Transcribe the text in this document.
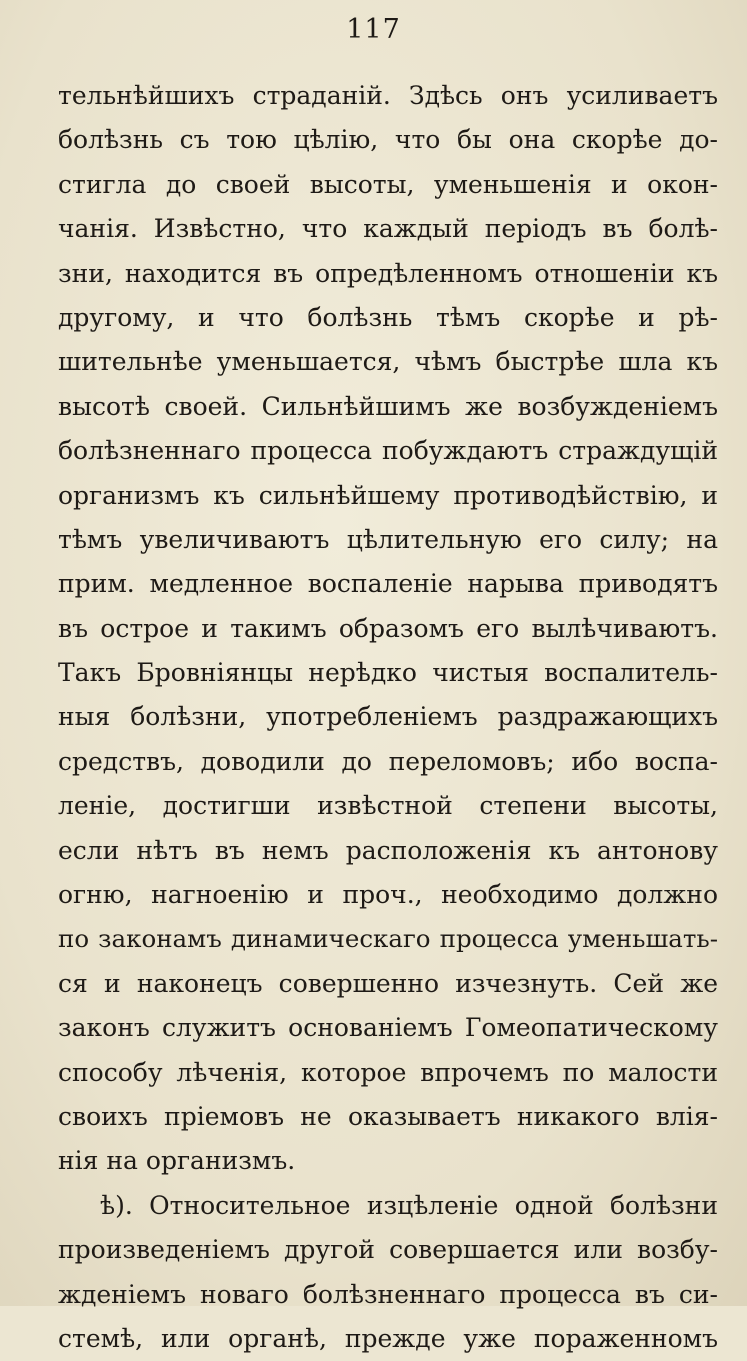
117
тельнѣйшихъ страданій. Здѣсь онъ усиливаетъ
болѣзнь съ тою цѣлію, что бы она скорѣе до-
стигла до своей высоты, уменьшенія и окон-
чанія. Извѣстно, что каждый періодъ въ болѣ-
зни, находится въ опредѣленномъ отношеніи къ
другому, и что болѣзнь тѣмъ скорѣе и рѣ-
шительнѣе уменьшается, чѣмъ быстрѣе шла къ
высотѣ своей. Сильнѣйшимъ же возбужденіемъ
болѣзненнаго процесса побуждаютъ страждущій
организмъ къ сильнѣйшему противодѣйствію, и
тѣмъ увеличиваютъ цѣлительную его силу; на
прим. медленное воспаленіе нарыва приводятъ
въ острое и такимъ образомъ его вылѣчиваютъ.
Такъ Бровніянцы нерѣдко чистыя воспалитель-
ныя болѣзни, употребленіемъ раздражающихъ
средствъ, доводили до переломовъ; ибо воспа-
леніе, достигши извѣстной степени высоты,
если нѣтъ въ немъ расположенія къ антонову
огню, нагноенію и проч., необходимо должно
по законамъ динамическаго процесса уменьшать-
ся и наконецъ совершенно изчезнуть. Сей же
законъ служитъ основаніемъ Гомеопатическому
способу лѣченія, которое впрочемъ по малости
своихъ пріемовъ не оказываетъ никакого влія-
нія на организмъ.
ѣ). Относительное изцѣленіе одной болѣзни
произведеніемъ другой совершается или возбу-
жденіемъ новаго болѣзненнаго процесса въ си-
стемѣ, или органѣ, прежде уже пораженномъ
